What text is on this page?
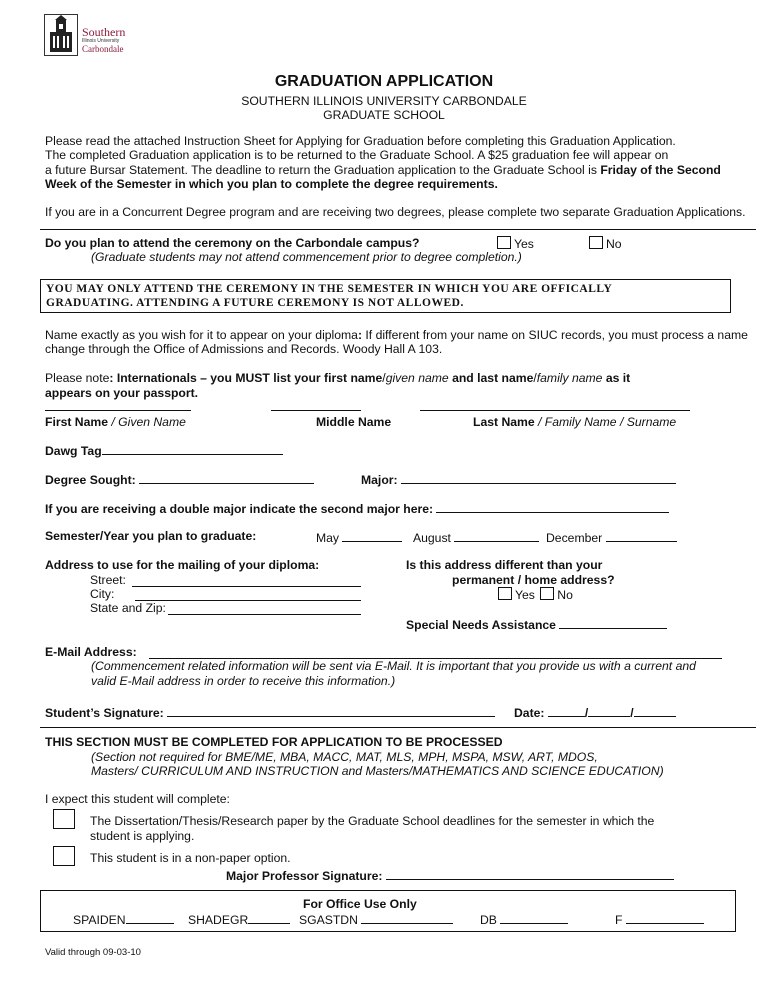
Southern
Illinois University
Carbondale
GRADUATION APPLICATION
SOUTHERN ILLINOIS UNIVERSITY CARBONDALE
GRADUATE SCHOOL
Please read the attached Instruction Sheet for Applying for Graduation before completing this Graduation Application.
The completed Graduation application is to be returned to the Graduate School. A $25 graduation fee will appear on
a future Bursar Statement. The deadline to return the Graduation application to the Graduate School is Friday of the Second
Week of the Semester in which you plan to complete the degree requirements.
If you are in a Concurrent Degree program and are receiving two degrees, please complete two separate Graduation Applications.
Do you plan to attend the ceremony on the Carbondale campus?	Yes	No
(Graduate students may not attend commencement prior to degree completion.)
YOU MAY ONLY ATTEND THE CEREMONY IN THE SEMESTER IN WHICH YOU ARE OFFICALLY
GRADUATING. ATTENDING A FUTURE CEREMONY IS NOT ALLOWED.
Name exactly as you wish for it to appear on your diploma: If different from your name on SIUC records, you must process a name
change through the Office of Admissions and Records. Woody Hall A 103.
Please note: Internationals – you MUST list your first name/given name and last name/family name as it
appears on your passport.
First Name / Given Name	Middle Name	Last Name / Family Name / Surname
Dawg Tag
Degree Sought:	Major:
If you are receiving a double major indicate the second major here:
Semester/Year you plan to graduate:	May	August	December
Address to use for the mailing of your diploma:
Street:
City:
State and Zip:
Is this address different than your
permanent / home address?
Yes No
Special Needs Assistance
E-Mail Address:
(Commencement related information will be sent via E-Mail. It is important that you provide us with a current and
valid E-Mail address in order to receive this information.)
Student’s Signature:	Date:	/	/
THIS SECTION MUST BE COMPLETED FOR APPLICATION TO BE PROCESSED
(Section not required for BME/ME, MBA, MACC, MAT, MLS, MPH, MSPA, MSW, ART, MDOS,
Masters/ CURRICULUM AND INSTRUCTION and Masters/MATHEMATICS AND SCIENCE EDUCATION)
I expect this student will complete:
The Dissertation/Thesis/Research paper by the Graduate School deadlines for the semester in which the
student is applying.
This student is in a non-paper option.
Major Professor Signature:
For Office Use Only
SPAIDEN	SHADEGR	SGASTDN	DB	F
Valid through 09-03-10
